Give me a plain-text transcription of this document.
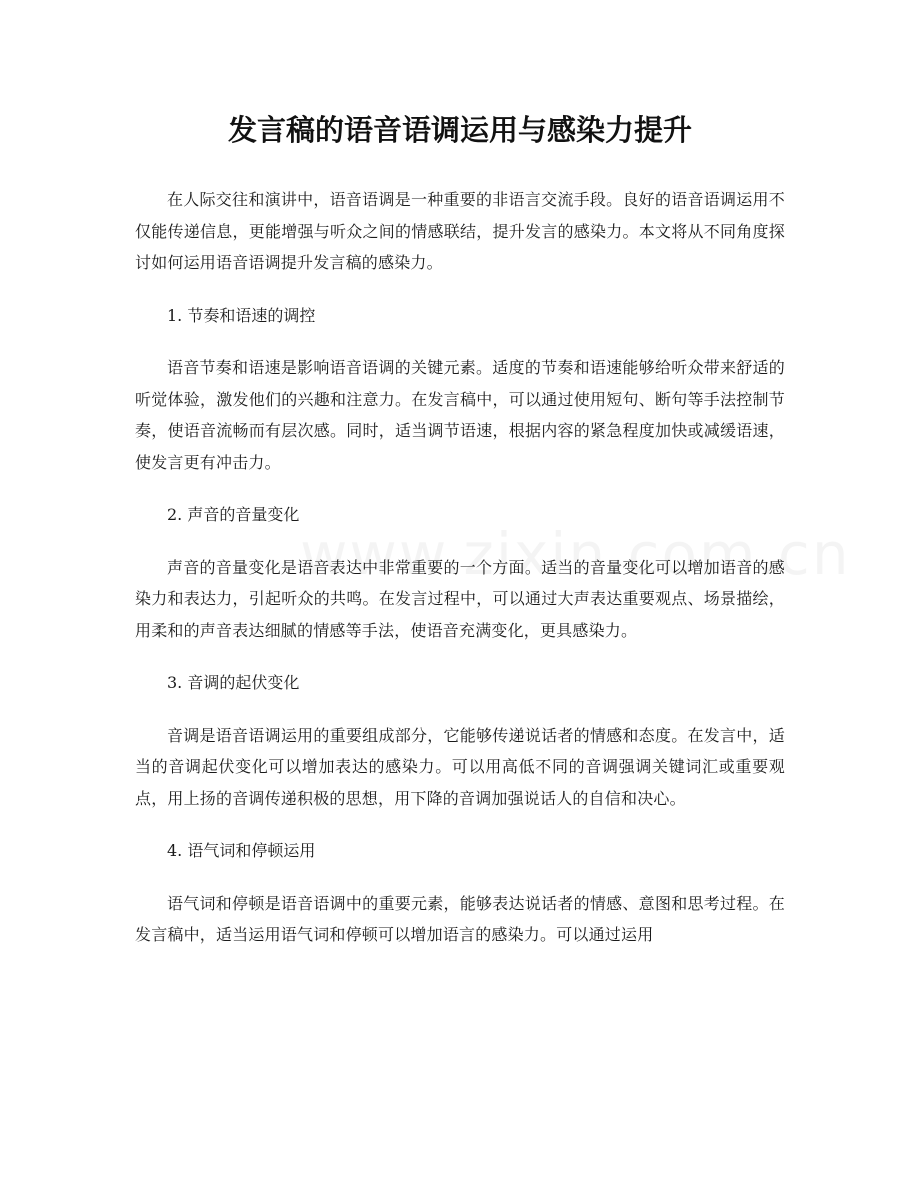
发言稿的语音语调运用与感染力提升

在人际交往和演讲中，语音语调是一种重要的非语言交流手段。良好的语音语调运用不仅能传递信息，更能增强与听众之间的情感联结，提升发言的感染力。本文将从不同角度探讨如何运用语音语调提升发言稿的感染力。

1. 节奏和语速的调控

语音节奏和语速是影响语音语调的关键元素。适度的节奏和语速能够给听众带来舒适的听觉体验，激发他们的兴趣和注意力。在发言稿中，可以通过使用短句、断句等手法控制节奏，使语音流畅而有层次感。同时，适当调节语速，根据内容的紧急程度加快或减缓语速，使发言更有冲击力。

2. 声音的音量变化

声音的音量变化是语音表达中非常重要的一个方面。适当的音量变化可以增加语音的感染力和表达力，引起听众的共鸣。在发言过程中，可以通过大声表达重要观点、场景描绘，用柔和的声音表达细腻的情感等手法，使语音充满变化，更具感染力。

3. 音调的起伏变化

音调是语音语调运用的重要组成部分，它能够传递说话者的情感和态度。在发言中，适当的音调起伏变化可以增加表达的感染力。可以用高低不同的音调强调关键词汇或重要观点，用上扬的音调传递积极的思想，用下降的音调加强说话人的自信和决心。

4. 语气词和停顿运用

语气词和停顿是语音语调中的重要元素，能够表达说话者的情感、意图和思考过程。在发言稿中，适当运用语气词和停顿可以增加语言的感染力。可以通过运用
